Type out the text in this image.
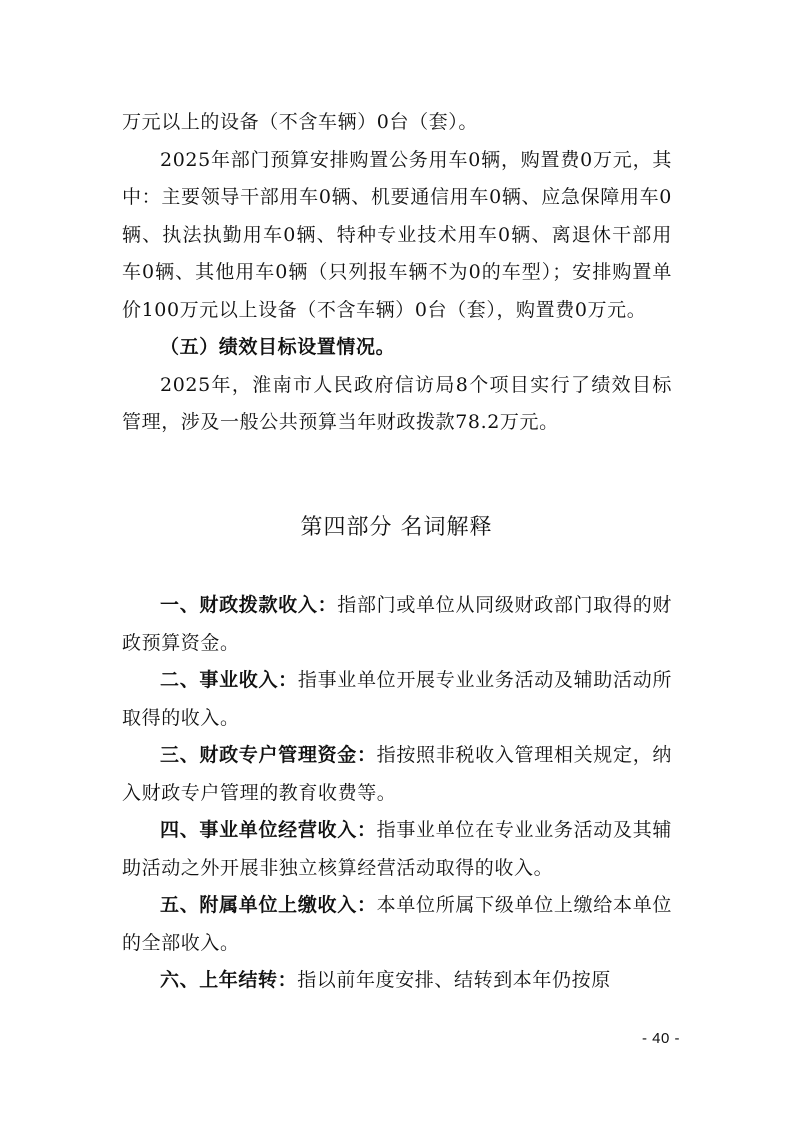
万元以上的设备（不含车辆）0台（套）。

2025年部门预算安排购置公务用车0辆，购置费0万元，其中：主要领导干部用车0辆、机要通信用车0辆、应急保障用车0辆、执法执勤用车0辆、特种专业技术用车0辆、离退休干部用车0辆、其他用车0辆（只列报车辆不为0的车型）；安排购置单价100万元以上设备（不含车辆）0台（套），购置费0万元。

（五）绩效目标设置情况。

2025年，淮南市人民政府信访局8个项目实行了绩效目标管理，涉及一般公共预算当年财政拨款78.2万元。

第四部分 名词解释

一、财政拨款收入：指部门或单位从同级财政部门取得的财政预算资金。

二、事业收入：指事业单位开展专业业务活动及辅助活动所取得的收入。

三、财政专户管理资金：指按照非税收入管理相关规定，纳入财政专户管理的教育收费等。

四、事业单位经营收入：指事业单位在专业业务活动及其辅助活动之外开展非独立核算经营活动取得的收入。

五、附属单位上缴收入：本单位所属下级单位上缴给本单位的全部收入。

六、上年结转：指以前年度安排、结转到本年仍按原

- 40 -
